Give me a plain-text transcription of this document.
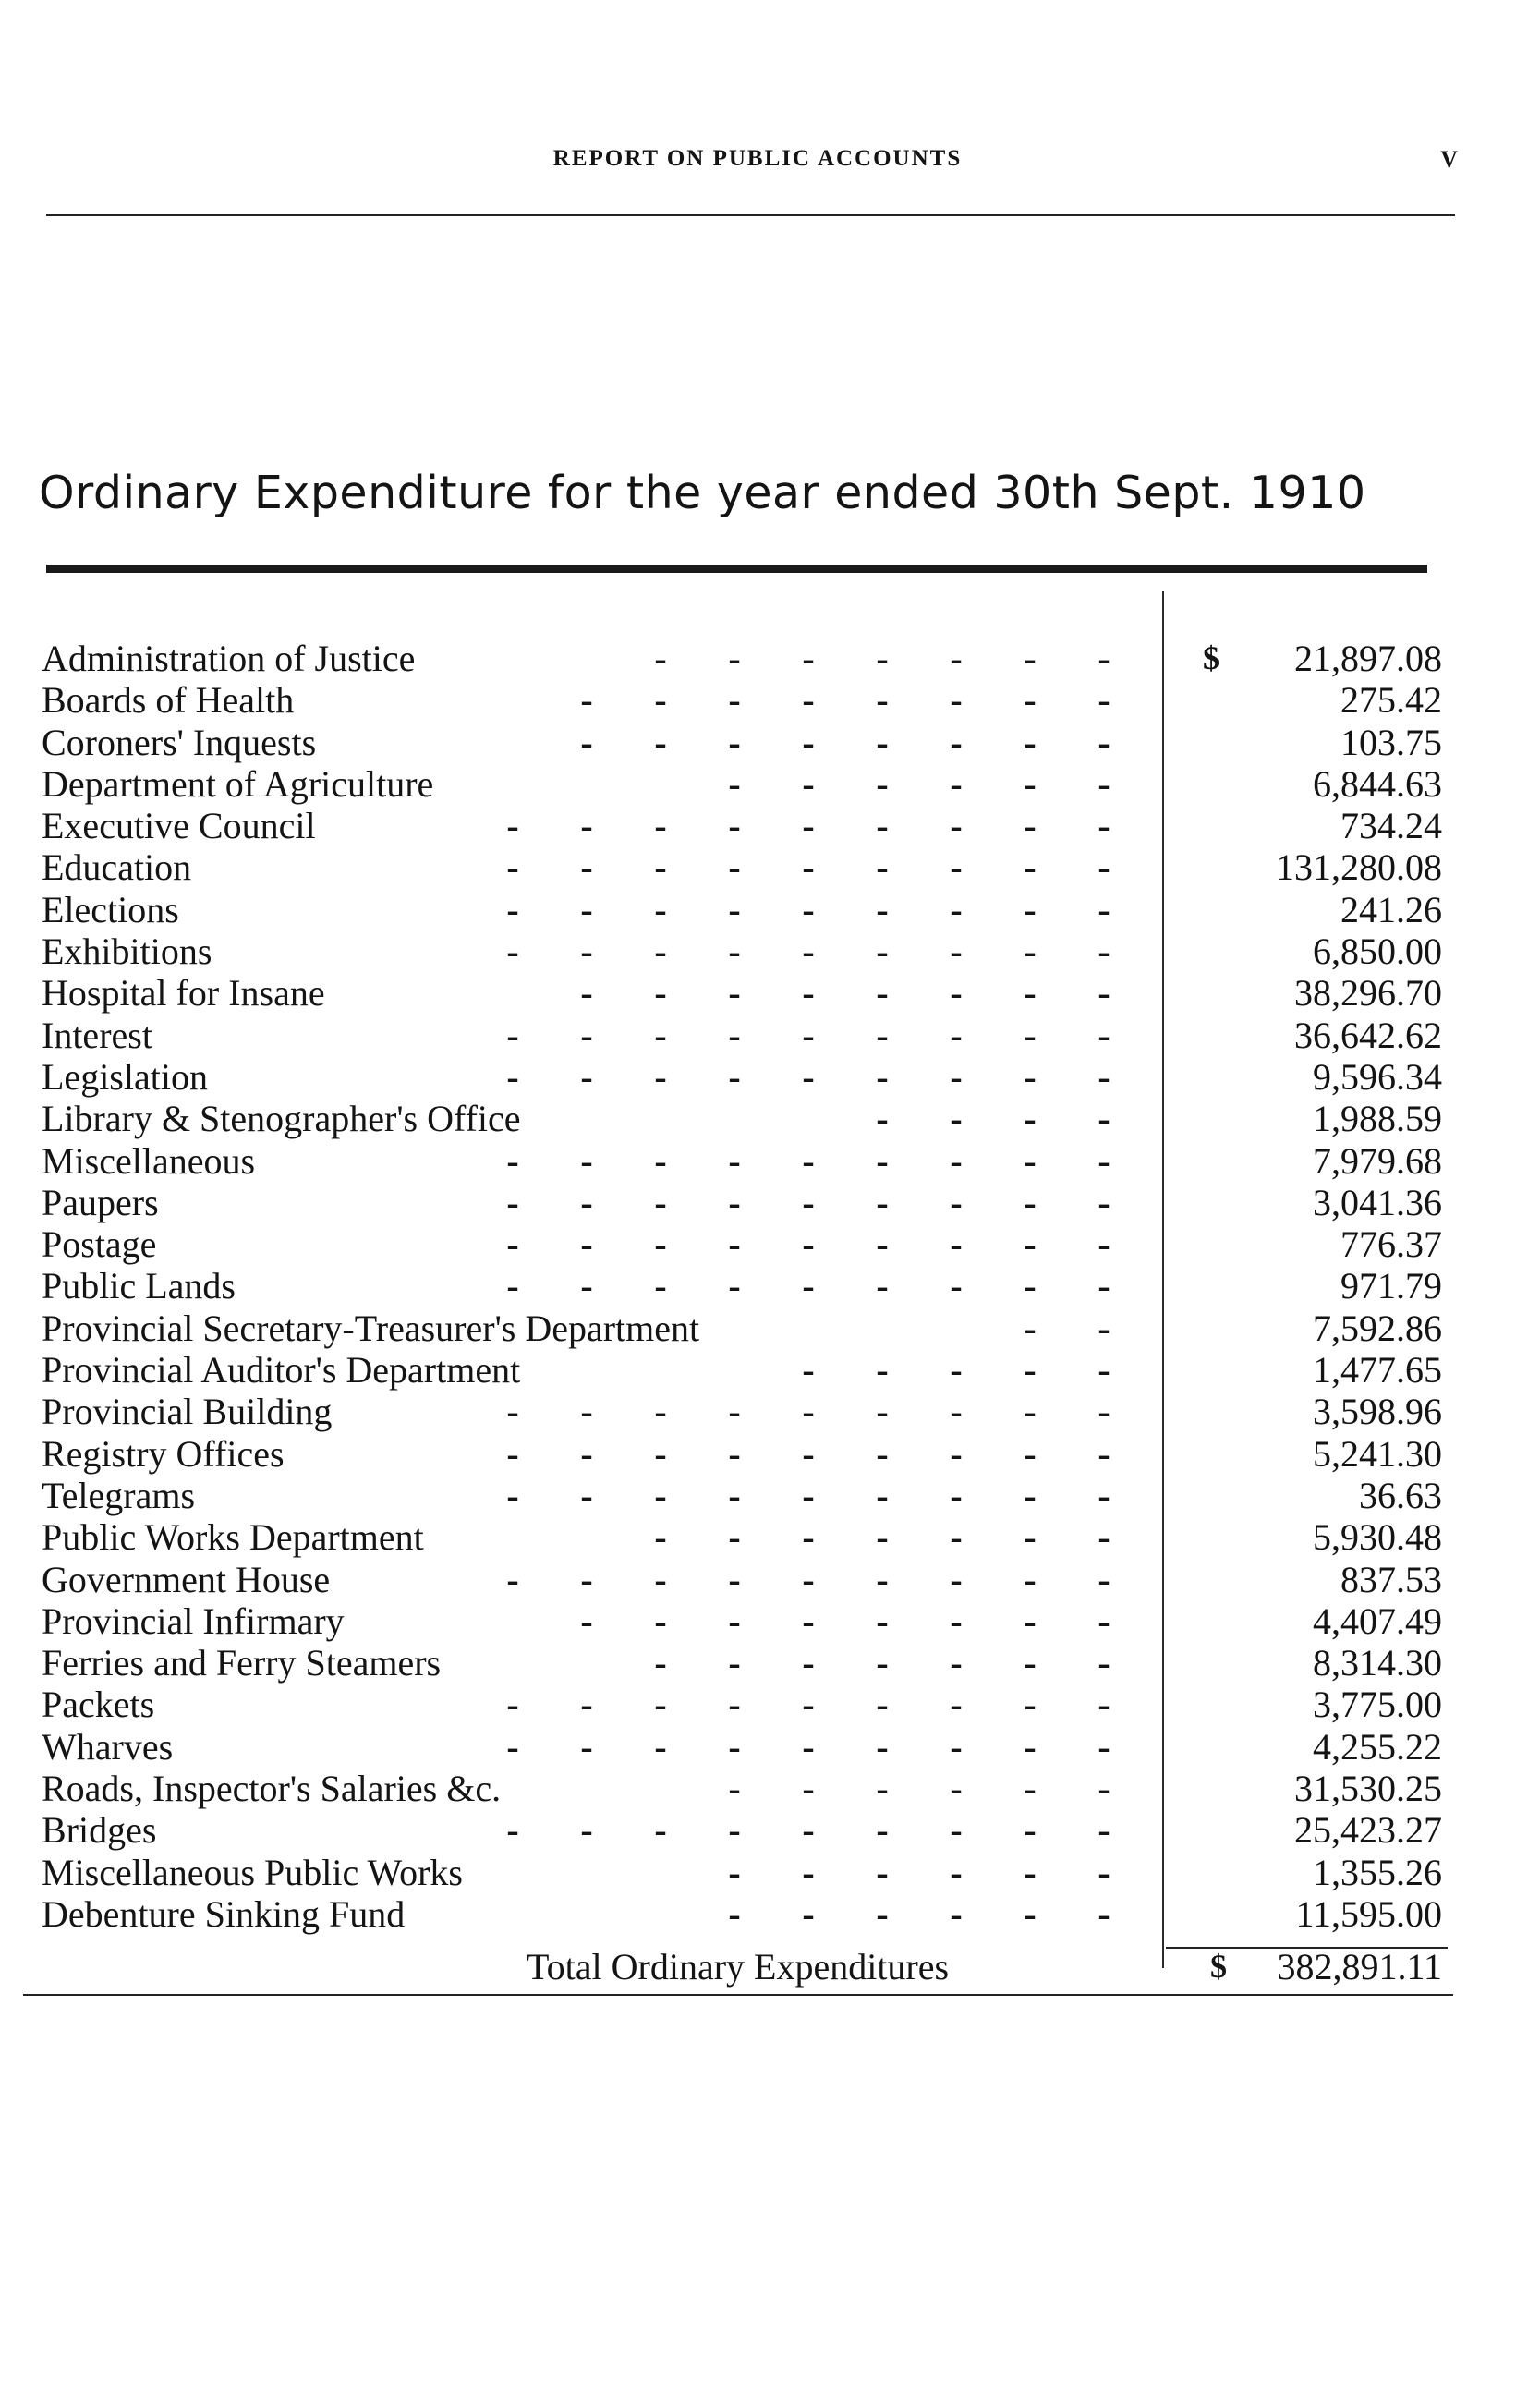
REPORT ON PUBLIC ACCOUNTS	V
Ordinary Expenditure for the year ended 30th Sept. 1910
Administration of Justice	- - - - - - -	$ 21,897.08
Boards of Health	- - - - - - - -	275.42
Coroners' Inquests	- - - - - - - -	103.75
Department of Agriculture	- - - - - -	6,844.63
Executive Council	- - - - - - - - -	734.24
Education	- - - - - - - - -	131,280.08
Elections	- - - - - - - - -	241.26
Exhibitions	- - - - - - - - -	6,850.00
Hospital for Insane	- - - - - - - -	38,296.70
Interest	- - - - - - - - -	36,642.62
Legislation	- - - - - - - - -	9,596.34
Library & Stenographer's Office	- - - -	1,988.59
Miscellaneous	- - - - - - - - -	7,979.68
Paupers	- - - - - - - - -	3,041.36
Postage	- - - - - - - - -	776.37
Public Lands	- - - - - - - - -	971.79
Provincial Secretary-Treasurer's Department	- -	7,592.86
Provincial Auditor's Department	- - - - -	1,477.65
Provincial Building	- - - - - - - - -	3,598.96
Registry Offices	- - - - - - - - -	5,241.30
Telegrams	- - - - - - - - -	36.63
Public Works Department	- - - - - - -	5,930.48
Government House	- - - - - - - - -	837.53
Provincial Infirmary	- - - - - - - -	4,407.49
Ferries and Ferry Steamers	- - - - - - -	8,314.30
Packets	- - - - - - - - -	3,775.00
Wharves	- - - - - - - - -	4,255.22
Roads, Inspector's Salaries &c.	- - - - - -	31,530.25
Bridges	- - - - - - - - -	25,423.27
Miscellaneous Public Works	- - - - - -	1,355.26
Debenture Sinking Fund	- - - - - -	11,595.00
Total Ordinary Expenditures	$ 382,891.11
